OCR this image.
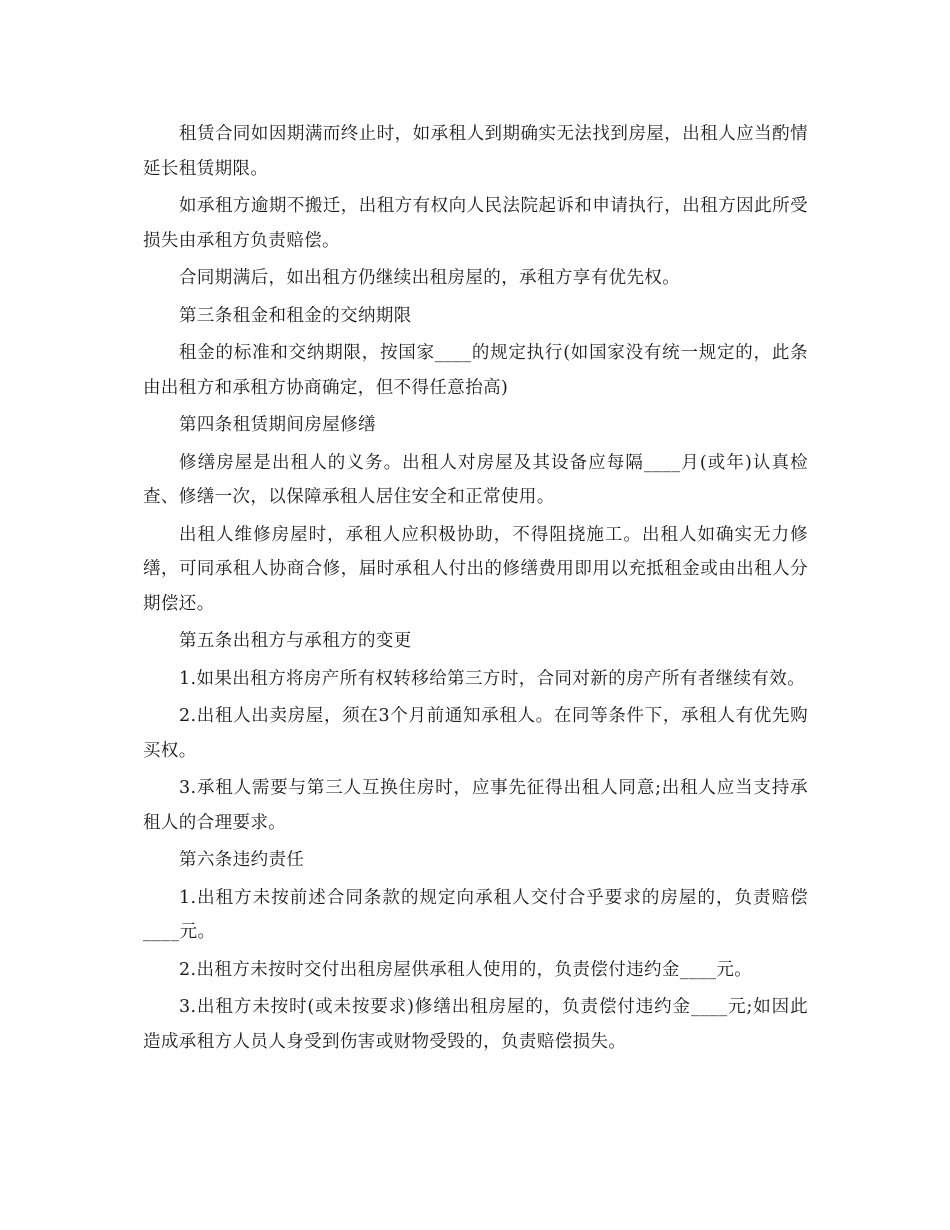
租赁合同如因期满而终止时，如承租人到期确实无法找到房屋，出租人应当酌情延长租赁期限。

如承租方逾期不搬迁，出租方有权向人民法院起诉和申请执行，出租方因此所受损失由承租方负责赔偿。

合同期满后，如出租方仍继续出租房屋的，承租方享有优先权。

第三条租金和租金的交纳期限

租金的标准和交纳期限，按国家____的规定执行(如国家没有统一规定的，此条由出租方和承租方协商确定，但不得任意抬高)

第四条租赁期间房屋修缮

修缮房屋是出租人的义务。出租人对房屋及其设备应每隔____月(或年)认真检查、修缮一次，以保障承租人居住安全和正常使用。

出租人维修房屋时，承租人应积极协助，不得阻挠施工。出租人如确实无力修缮，可同承租人协商合修，届时承租人付出的修缮费用即用以充抵租金或由出租人分期偿还。

第五条出租方与承租方的变更

1.如果出租方将房产所有权转移给第三方时，合同对新的房产所有者继续有效。

2.出租人出卖房屋，须在3个月前通知承租人。在同等条件下，承租人有优先购买权。

3.承租人需要与第三人互换住房时，应事先征得出租人同意;出租人应当支持承租人的合理要求。

第六条违约责任

1.出租方未按前述合同条款的规定向承租人交付合乎要求的房屋的，负责赔偿____元。

2.出租方未按时交付出租房屋供承租人使用的，负责偿付违约金____元。

3.出租方未按时(或未按要求)修缮出租房屋的，负责偿付违约金____元;如因此造成承租方人员人身受到伤害或财物受毁的，负责赔偿损失。
